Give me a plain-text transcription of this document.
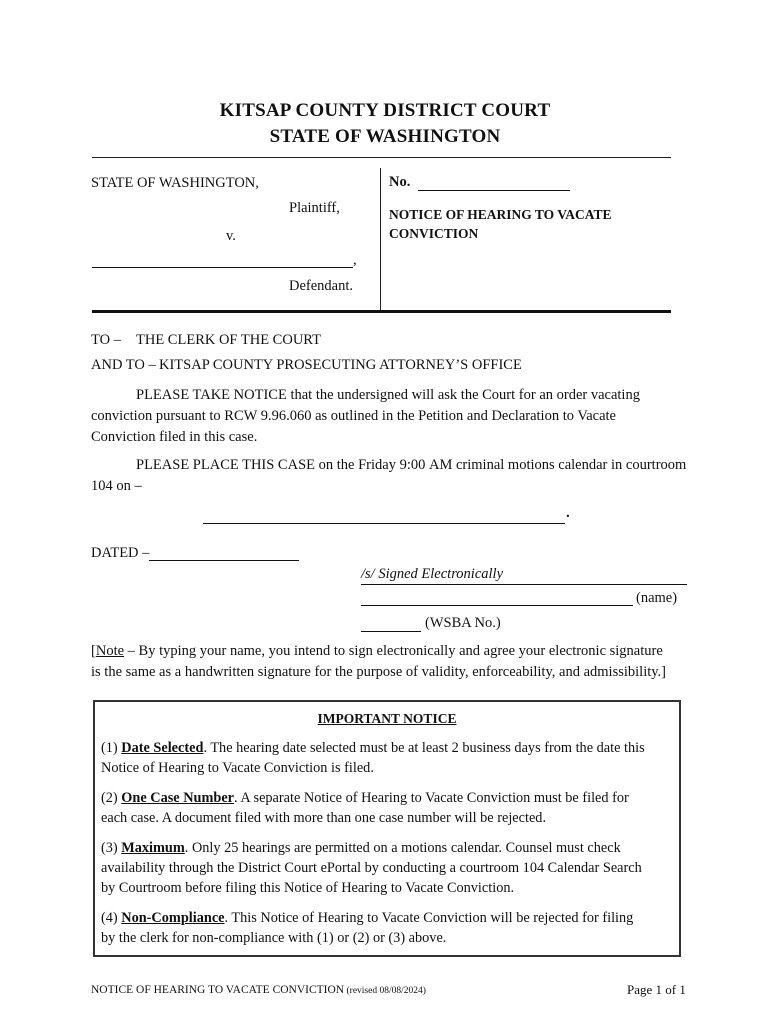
KITSAP COUNTY DISTRICT COURT
STATE OF WASHINGTON
STATE OF WASHINGTON,
Plaintiff,
v.
,
Defendant.
No.
NOTICE OF HEARING TO VACATE
CONVICTION
TO – THE CLERK OF THE COURT
AND TO – KITSAP COUNTY PROSECUTING ATTORNEY’S OFFICE
PLEASE TAKE NOTICE that the undersigned will ask the Court for an order vacating
conviction pursuant to RCW 9.96.060 as outlined in the Petition and Declaration to Vacate
Conviction filed in this case.
PLEASE PLACE THIS CASE on the Friday 9:00 AM criminal motions calendar in courtroom
104 on –
.
DATED –
/s/ Signed Electronically
(name)
(WSBA No.)
[Note – By typing your name, you intend to sign electronically and agree your electronic signature
is the same as a handwritten signature for the purpose of validity, enforceability, and admissibility.]
IMPORTANT NOTICE

(1) Date Selected. The hearing date selected must be at least 2 business days from the date this

Notice of Hearing to Vacate Conviction is filed.

(2) One Case Number. A separate Notice of Hearing to Vacate Conviction must be filed for

each case. A document filed with more than one case number will be rejected.

(3) Maximum. Only 25 hearings are permitted on a motions calendar. Counsel must check

availability through the District Court ePortal by conducting a courtroom 104 Calendar Search

by Courtroom before filing this Notice of Hearing to Vacate Conviction.

(4) Non-Compliance. This Notice of Hearing to Vacate Conviction will be rejected for filing

by the clerk for non-compliance with (1) or (2) or (3) above.

NOTICE OF HEARING TO VACATE CONVICTION (revised 08/08/2024)	Page 1 of 1
